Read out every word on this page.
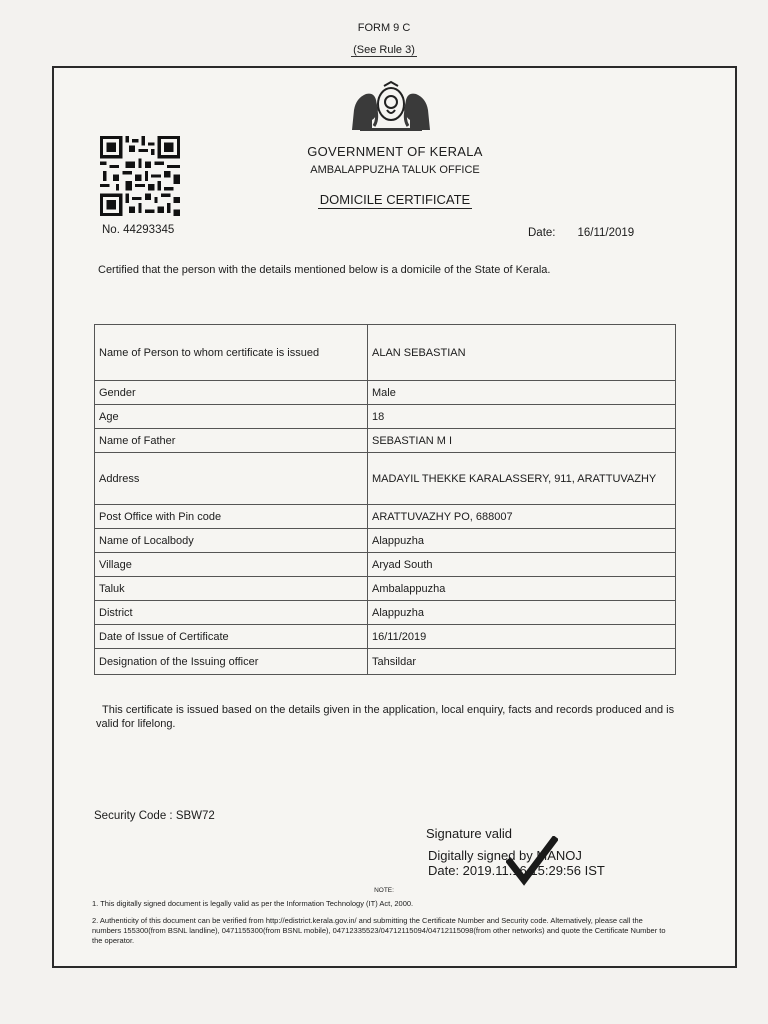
FORM 9 C
(See Rule 3)
GOVERNMENT OF KERALA
AMBALAPPUZHA TALUK OFFICE
DOMICILE CERTIFICATE
No. 44293345	Date: 16/11/2019
Certified that the person with the details mentioned below is a domicile of the State of Kerala.
Name of Person to whom certificate is issued	ALAN SEBASTIAN
Gender	Male
Age	18
Name of Father	SEBASTIAN M I
Address	MADAYIL THEKKE KARALASSERY, 911, ARATTUVAZHY
Post Office with Pin code	ARATTUVAZHY PO, 688007
Name of Localbody	Alappuzha
Village	Aryad South
Taluk	Ambalappuzha
District	Alappuzha
Date of Issue of Certificate	16/11/2019
Designation of the Issuing officer	Tahsildar
This certificate is issued based on the details given in the application, local enquiry, facts and records produced and is valid for lifelong.
Security Code : SBW72
Signature valid
Digitally signed by MANOJ
Date: 2019.11.16 15:29:56 IST
NOTE:
1. This digitally signed document is legally valid as per the Information Technology (IT) Act, 2000.
2. Authenticity of this document can be verified from http://edistrict.kerala.gov.in/ and submitting the Certificate Number and Security code. Alternatively, please call the numbers 155300(from BSNL landline), 0471155300(from BSNL mobile), 04712335523/04712115094/04712115098(from other networks) and quote the Certificate Number to the operator.
